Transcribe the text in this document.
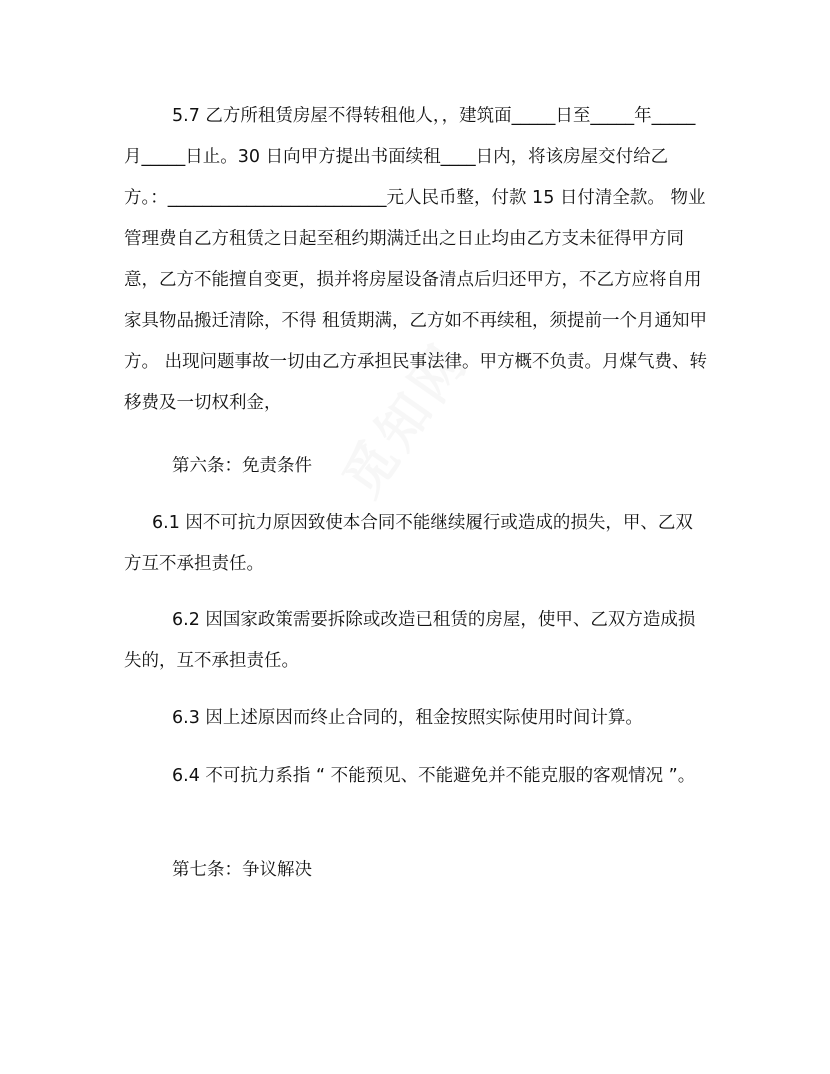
觅知网

5.7 乙方所租赁房屋不得转租他人，，建筑面_____日至_____年_____月_____日止。30 日向甲方提出书面续租____日内，将该房屋交付给乙方。：_________________________元人民币整，付款 15 日付清全款。 物业管理费自乙方租赁之日起至租约期满迁出之日止均由乙方支未征得甲方同意，乙方不能擅自变更，损并将房屋设备清点后归还甲方，不乙方应将自用家具物品搬迁清除，不得 租赁期满，乙方如不再续租，须提前一个月通知甲方。 出现问题事故一切由乙方承担民事法律。甲方概不负责。月煤气费、转移费及一切权利金，

第六条：免责条件

6.1 因不可抗力原因致使本合同不能继续履行或造成的损失，甲、乙双方互不承担责任。

6.2 因国家政策需要拆除或改造已租赁的房屋，使甲、乙双方造成损失的，互不承担责任。

6.3 因上述原因而终止合同的，租金按照实际使用时间计算。

6.4 不可抗力系指 “ 不能预见、不能避免并不能克服的客观情况 ”。

第七条：争议解决
